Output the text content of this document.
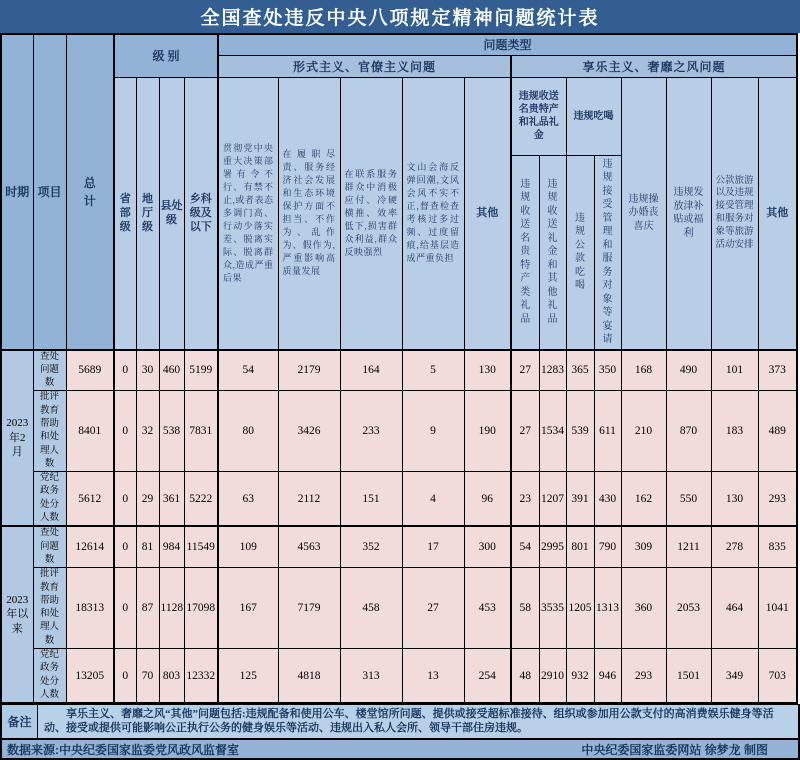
全国查处违反中央八项规定精神问题统计表
时期	项目	总计	级 别				问题类型												
							形式主义、官僚主义问题					享乐主义、奢靡之风问题							
			省部级	地厅级	县处级	乡科级及以下	贯彻党中央重大决策部署有令不行、有禁不止,或者表态多调门高、行动少落实差、脱离实际、脱离群众,造成严重后果	在履职尽责、服务经济社会发展和生态环境保护方面不担当、不作为、乱作为、假作为,严重影响高质量发展	在联系服务群众中消极应付、冷硬横推、效率低下,损害群众利益,群众反映强烈	文山会海反弹回潮,文风会风不实不正,督查检查考核过多过频、过度留痕,给基层造成严重负担	其他	违规收送名贵特产和礼品礼金		违规吃喝		违规操办婚丧喜庆	违规发放津补贴或福利	公款旅游以及违规接受管理和服务对象等旅游活动安排	其他
												违规收送名贵特产类礼品	违规收送礼金和其他礼品	违规公款吃喝	违规接受管理和服务对象等宴请				
2023年2月	查处问题数	5689	0	30	460	5199	54	2179	164	5	130	27	1283	365	350	168	490	101	373
	批评教育帮助和处理人数	8401	0	32	538	7831	80	3426	233	9	190	27	1534	539	611	210	870	183	489
	党纪政务处分人数	5612	0	29	361	5222	63	2112	151	4	96	23	1207	391	430	162	550	130	293
2023年以来	查处问题数	12614	0	81	984	11549	109	4563	352	17	300	54	2995	801	790	309	1211	278	835
	批评教育帮助和处理人数	18313	0	87	1128	17098	167	7179	458	27	453	58	3535	1205	1313	360	2053	464	1041
	党纪政务处分人数	13205	0	70	803	12332	125	4818	313	13	254	48	2910	932	946	293	1501	349	703
备注
享乐主义、奢靡之风“其他”问题包括:违规配备和使用公车、楼堂馆所问题、提供或接受超标准接待、组织或参加用公款支付的高消费娱乐健身等活动、接受或提供可能影响公正执行公务的健身娱乐等活动、违规出入私人会所、领导干部住房违规。
数据来源:中央纪委国家监委党风政风监督室	中央纪委国家监委网站 徐梦龙 制图
